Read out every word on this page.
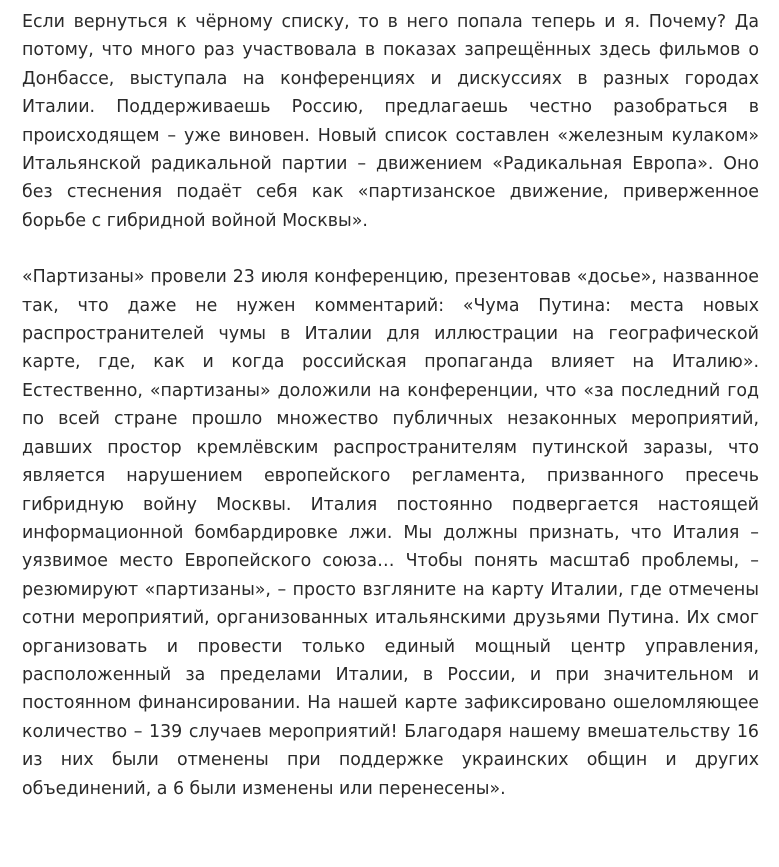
Если вернуться к чёрному списку, то в него попала теперь и я. Почему? Да потому, что много раз участвовала в показах запрещённых здесь фильмов о Донбассе, выступала на конференциях и дискуссиях в разных городах Италии. Поддерживаешь Россию, предлагаешь честно разобраться в происходящем – уже виновен. Новый список составлен «железным кулаком» Итальянской радикальной партии – движением «Радикальная Европа». Оно без стеснения подаёт себя как «партизанское движение, приверженное борьбе с гибридной войной Москвы».

«Партизаны» провели 23 июля конференцию, презентовав «досье», названное так, что даже не нужен комментарий: «Чума Путина: места новых распространителей чумы в Италии для иллюстрации на географической карте, где, как и когда российская пропаганда влияет на Италию». Естественно, «партизаны» доложили на конференции, что «за последний год по всей стране прошло множество публичных незаконных мероприятий, давших простор кремлёвским распространителям путинской заразы, что является нарушением европейского регламента, призванного пресечь гибридную войну Москвы. Италия постоянно подвергается настоящей информационной бомбардировке лжи. Мы должны признать, что Италия – уязвимое место Европейского союза… Чтобы понять масштаб проблемы, – резюмируют «партизаны», – просто взгляните на карту Италии, где отмечены сотни мероприятий, организованных итальянскими друзьями Путина. Их смог организовать и провести только единый мощный центр управления, расположенный за пределами Италии, в России, и при значительном и постоянном финансировании. На нашей карте зафиксировано ошеломляющее количество – 139 случаев мероприятий! Благодаря нашему вмешательству 16 из них были отменены при поддержке украинских общин и других объединений, а 6 были изменены или перенесены».
